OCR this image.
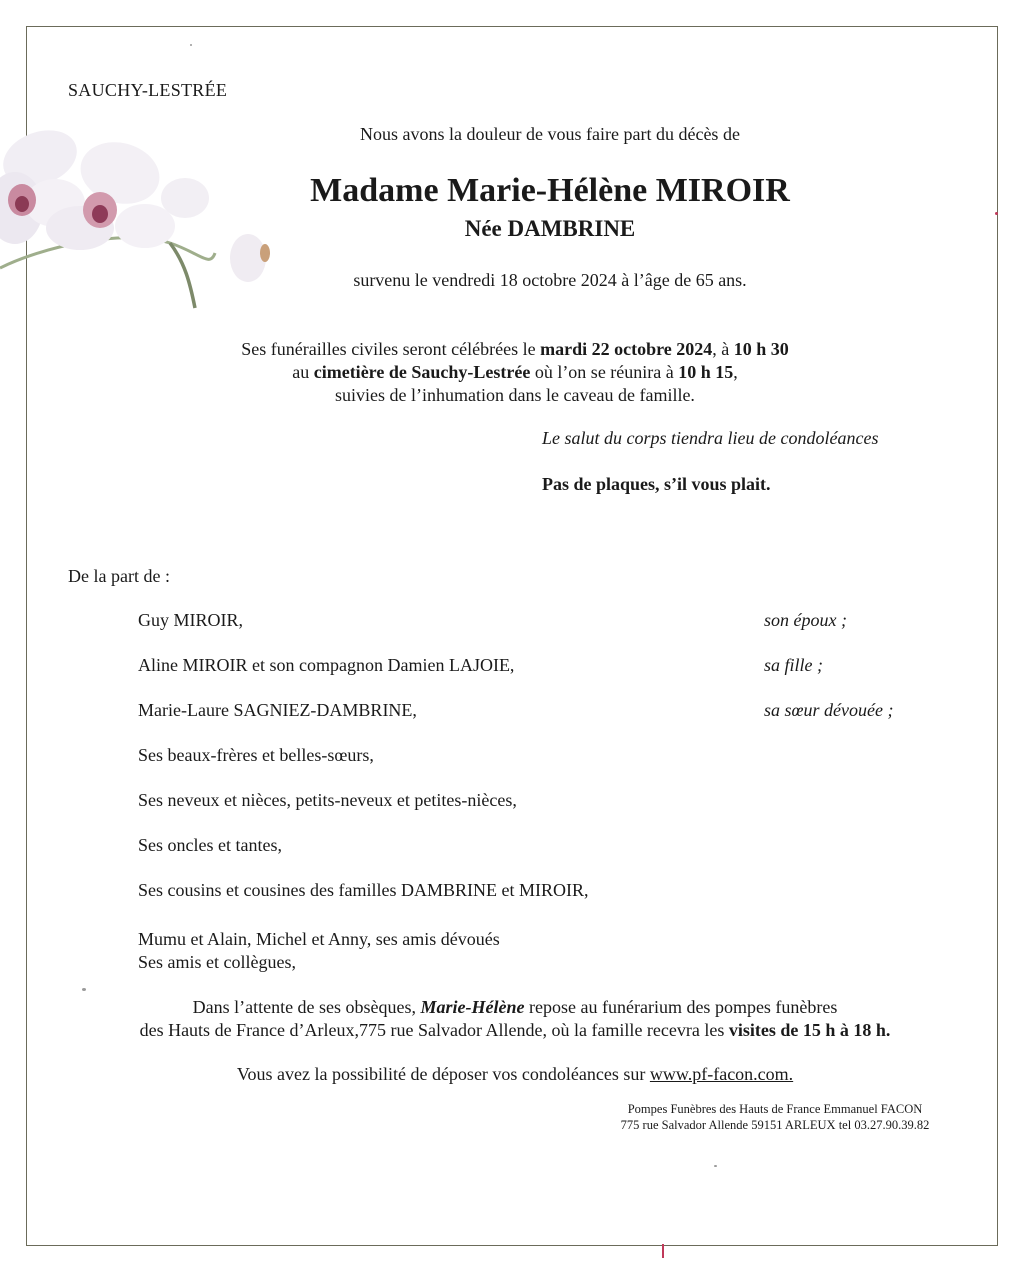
SAUCHY-LESTRÉE
Nous avons la douleur de vous faire part du décès de
Madame Marie-Hélène MIROIR
Née DAMBRINE
survenu le vendredi 18 octobre 2024 à l’âge de 65 ans.
Ses funérailles civiles seront célébrées le mardi 22 octobre 2024, à 10 h 30
au cimetière de Sauchy-Lestrée où l’on se réunira à 10 h 15,
suivies de l’inhumation dans le caveau de famille.
Le salut du corps tiendra lieu de condoléances
Pas de plaques, s’il vous plait.
De la part de :
Guy MIROIR,	son époux ;
Aline MIROIR et son compagnon Damien LAJOIE,	sa fille ;
Marie-Laure SAGNIEZ-DAMBRINE,	sa sœur dévouée ;
Ses beaux-frères et belles-sœurs,
Ses neveux et nièces, petits-neveux et petites-nièces,
Ses oncles et tantes,
Ses cousins et cousines des familles DAMBRINE et MIROIR,
Mumu et Alain, Michel et Anny, ses amis dévoués
Ses amis et collègues,
Dans l’attente de ses obsèques, Marie-Hélène repose au funérarium des pompes funèbres
des Hauts de France d’Arleux,775 rue Salvador Allende, où la famille recevra les visites de 15 h à 18 h.
Vous avez la possibilité de déposer vos condoléances sur www.pf-facon.com.
Pompes Funèbres des Hauts de France Emmanuel FACON
775 rue Salvador Allende 59151 ARLEUX tel 03.27.90.39.82
